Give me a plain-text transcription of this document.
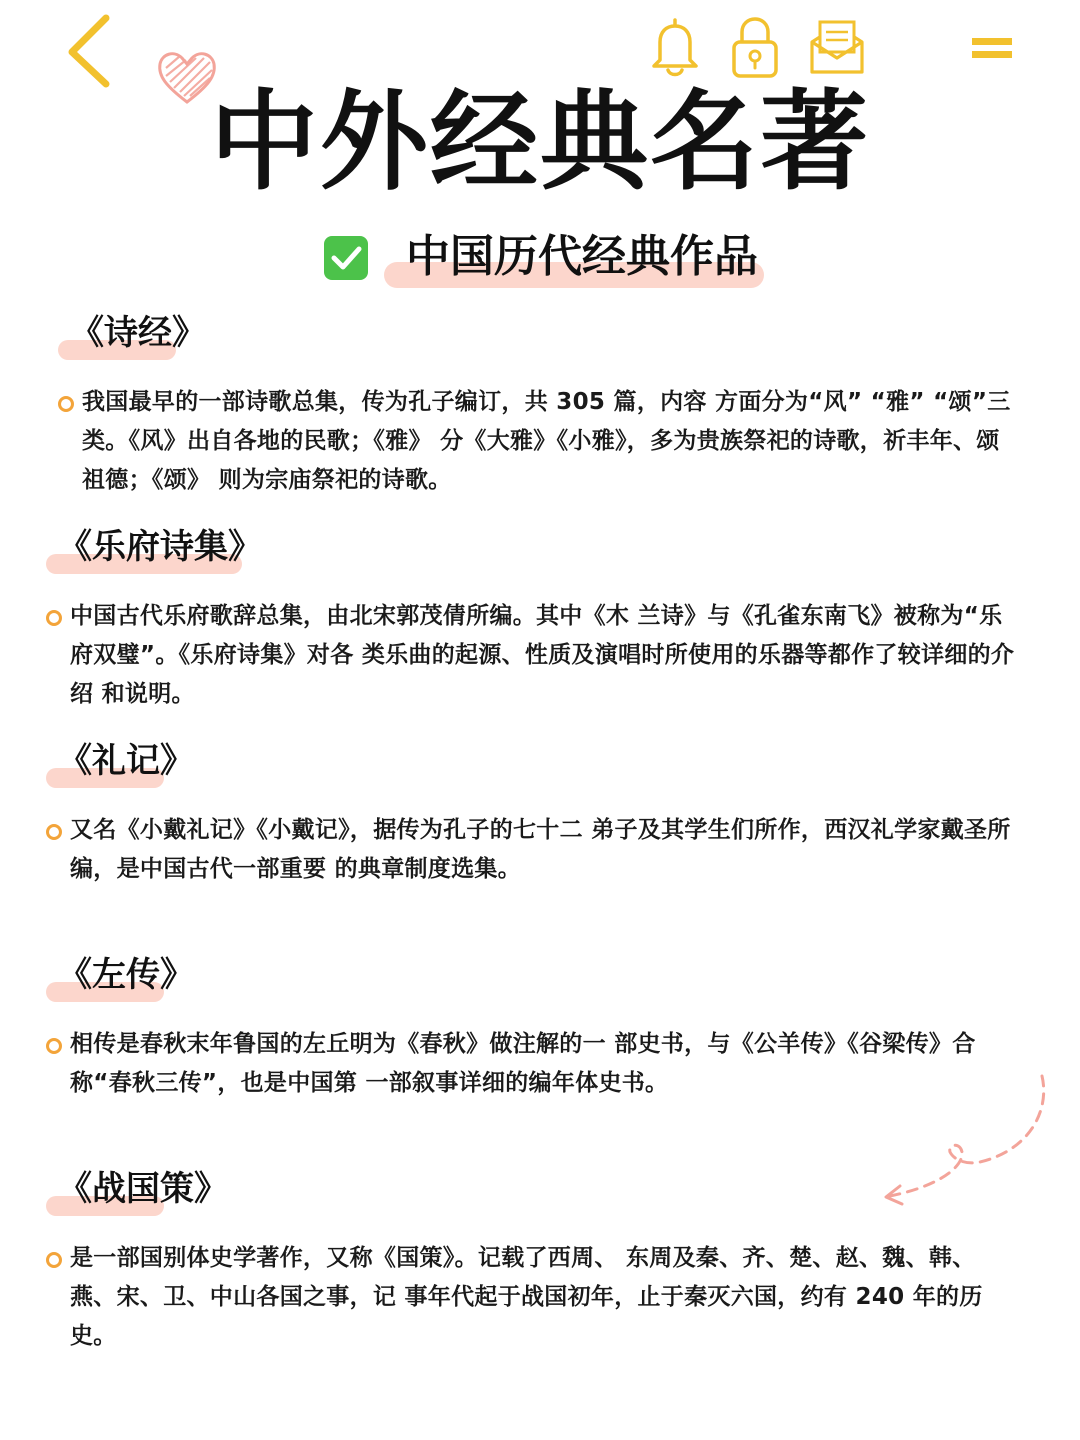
中外经典名著
中国历代经典作品
《诗经》
我国最早的一部诗歌总集，传为孔子编订，共 305 篇，内容 方面分为“风” “雅” “颂”三类。《风》出自各地的民歌；《雅》 分《大雅》《小雅》，多为贵族祭祀的诗歌，祈丰年、颂祖德；《颂》 则为宗庙祭祀的诗歌。
《乐府诗集》
中国古代乐府歌辞总集，由北宋郭茂倩所编。其中《木 兰诗》与《孔雀东南飞》被称为“乐府双璧”。《乐府诗集》对各 类乐曲的起源、性质及演唱时所使用的乐器等都作了较详细的介绍 和说明。
《礼记》
又名《小戴礼记》《小戴记》，据传为孔子的七十二 弟子及其学生们所作，西汉礼学家戴圣所编，是中国古代一部重要 的典章制度选集。
《左传》
相传是春秋末年鲁国的左丘明为《春秋》做注解的一 部史书，与《公羊传》《谷梁传》合称“春秋三传”，也是中国第 一部叙事详细的编年体史书。
《战国策》
是一部国别体史学著作，又称《国策》。记载了西周、 东周及秦、齐、楚、赵、魏、韩、燕、宋、卫、中山各国之事，记 事年代起于战国初年，止于秦灭六国，约有 240 年的历史。
